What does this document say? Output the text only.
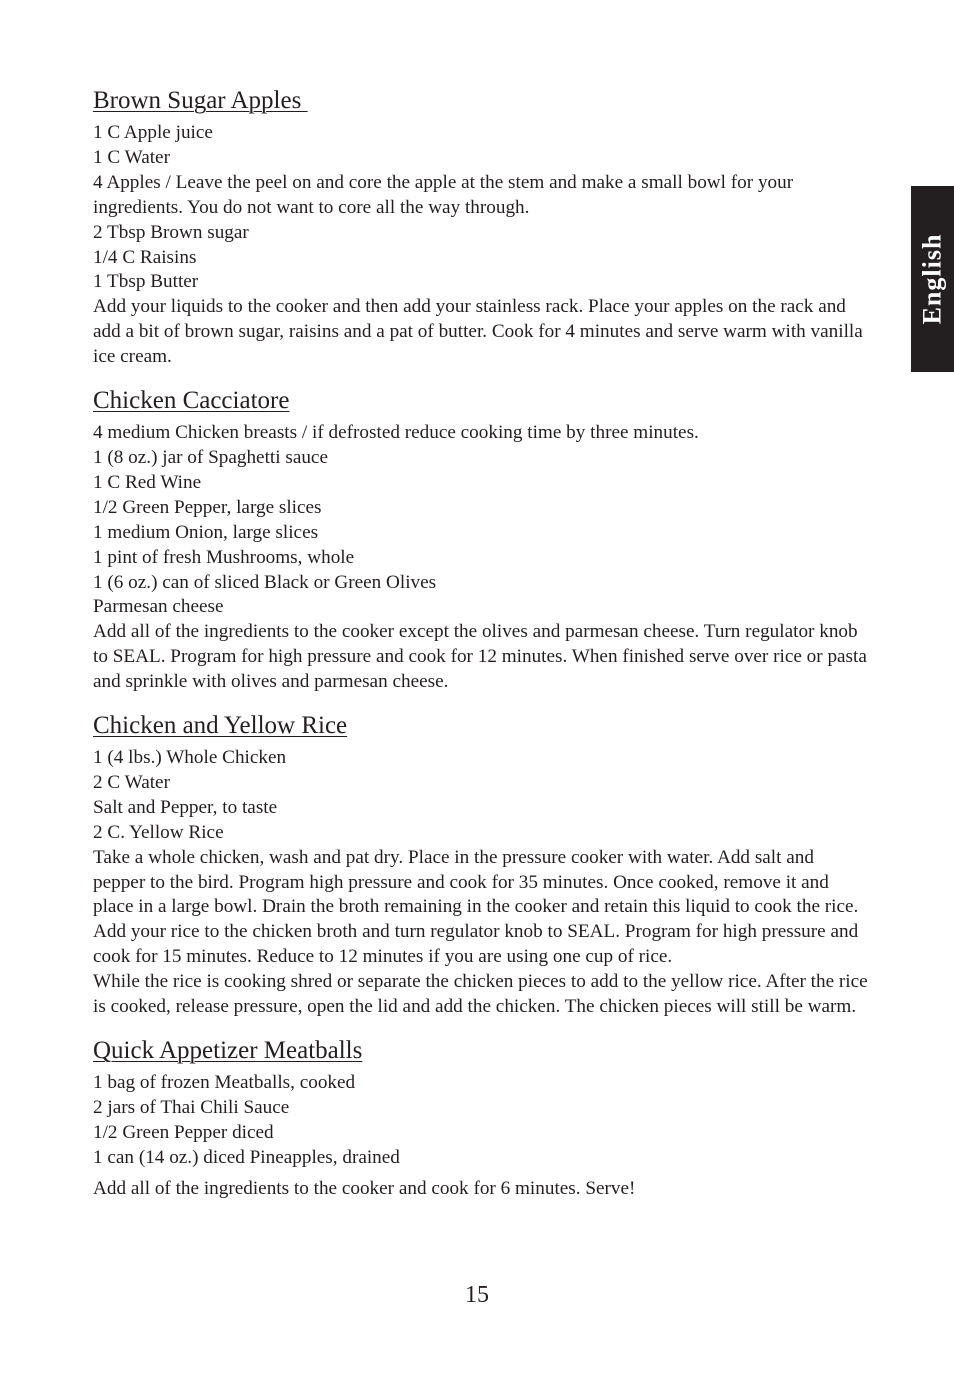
Brown Sugar Apples

1 C Apple juice

1 C Water

4 Apples / Leave the peel on and core the apple at the stem and make a small bowl for your ingredients. You do not want to core all the way through.

2 Tbsp Brown sugar

1/4 C Raisins

1 Tbsp Butter

Add your liquids to the cooker and then add your stainless rack. Place your apples on the rack and add a bit of brown sugar, raisins and a pat of butter. Cook for 4 minutes and serve warm with vanilla ice cream.

Chicken Cacciatore

4 medium Chicken breasts / if defrosted reduce cooking time by three minutes.

1 (8 oz.) jar of Spaghetti sauce

1 C Red Wine

1/2 Green Pepper, large slices

1 medium Onion, large slices

1 pint of fresh Mushrooms, whole

1 (6 oz.) can of sliced Black or Green Olives

Parmesan cheese

Add all of the ingredients to the cooker except the olives and parmesan cheese. Turn regulator knob to SEAL. Program for high pressure and cook for 12 minutes. When finished serve over rice or pasta and sprinkle with olives and parmesan cheese.

Chicken and Yellow Rice

1 (4 lbs.) Whole Chicken

2 C Water

Salt and Pepper, to taste

2 C. Yellow Rice

Take a whole chicken, wash and pat dry. Place in the pressure cooker with water. Add salt and pepper to the bird. Program high pressure and cook for 35 minutes. Once cooked, remove it and place in a large bowl. Drain the broth remaining in the cooker and retain this liquid to cook the rice. Add your rice to the chicken broth and turn regulator knob to SEAL. Program for high pressure and cook for 15 minutes. Reduce to 12 minutes if you are using one cup of rice.

While the rice is cooking shred or separate the chicken pieces to add to the yellow rice. After the rice is cooked, release pressure, open the lid and add the chicken. The chicken pieces will still be warm.

Quick Appetizer Meatballs

1 bag of frozen Meatballs, cooked

2 jars of Thai Chili Sauce

1/2 Green Pepper diced

1 can (14 oz.) diced Pineapples, drained

Add all of the ingredients to the cooker and cook for 6 minutes. Serve!

English
15
